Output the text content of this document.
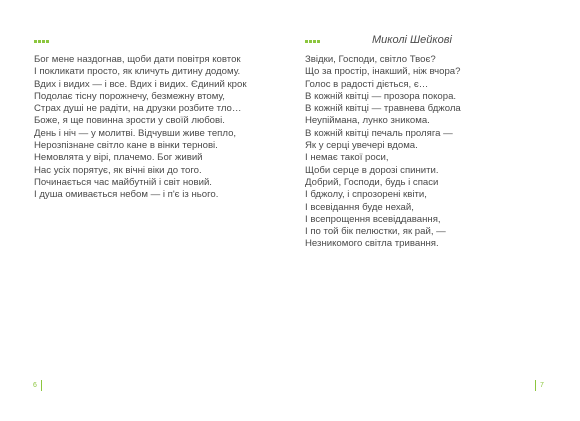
Бог мене наздогнав, щоби дати повітря ковток
І покликати просто, як кличуть дитину додому.
Вдих і видих — і все. Вдих і видих. Єдиний крок
Подолає тісну порожнечу, безмежну втому,
Страх душі не радіти, на друзки розбите тло…
Боже, я ще повинна зрости у своїй любові.
День і ніч — у молитві. Відчувши живе тепло,
Нерозпізнане світло кане в вінки тернові.
Немовлята у вірі, плачемо. Бог живий
Нас усіх порятує, як вічні віки до того.
Починається час майбутній і світ новий.
І душа омивається небом — і п'є із нього.
6
Миколі Шейкові
Звідки, Господи, світло Твоє?
Що за простір, інакший, ніж вчора?
Голос в радості діється, є…
В кожній квітці — прозора покора.
В кожній квітці — травнева бджола
Неупіймана, лунко зникома.
В кожній квітці печаль проляга —
Як у серці увечері вдома.
І немає такої роси,
Щоби серце в дорозі спинити.
Добрий, Господи, будь і спаси
І бджолу, і спрозорені квіти,
І всевідання буде нехай,
І всепрощення всевіддавання,
І по той бік пелюстки, як рай, —
Незникомого світла тривання.
7
